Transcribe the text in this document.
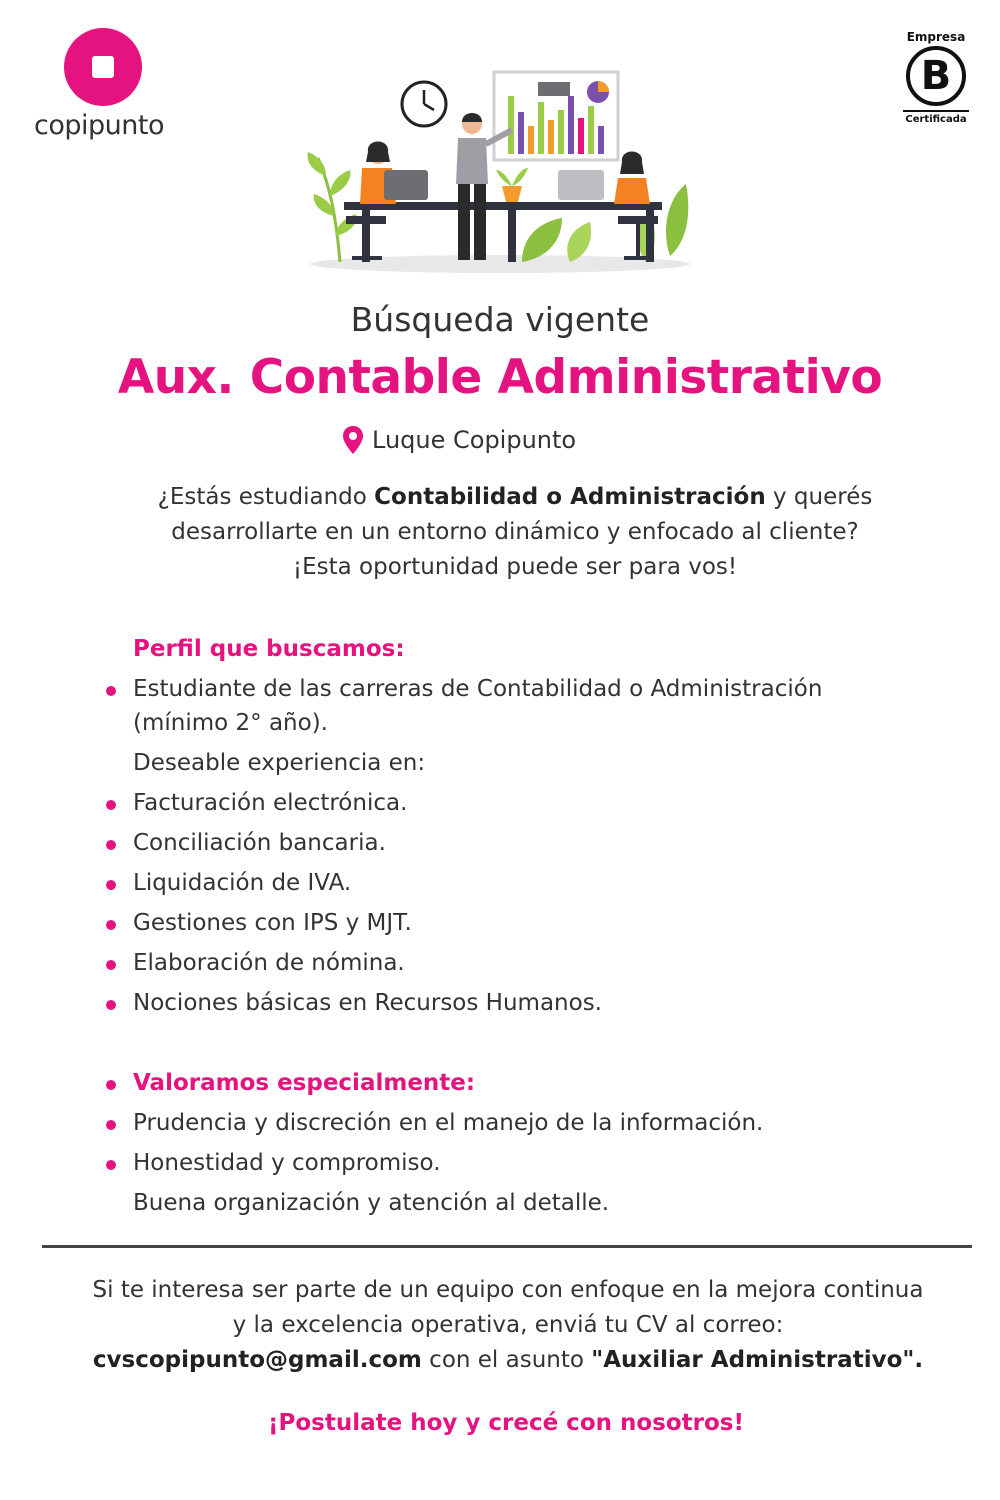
copipunto
Empresa
B
Certificada
Búsqueda vigente
Aux. Contable Administrativo
Luque Copipunto
¿Estás estudiando Contabilidad o Administración y querés
desarrollarte en un entorno dinámico y enfocado al cliente?
¡Esta oportunidad puede ser para vos!
Perfil que buscamos:
Estudiante de las carreras de Contabilidad o Administración
(mínimo 2° año).
Deseable experiencia en:
Facturación electrónica.
Conciliación bancaria.
Liquidación de IVA.
Gestiones con IPS y MJT.
Elaboración de nómina.
Nociones básicas en Recursos Humanos.
Valoramos especialmente:
Prudencia y discreción en el manejo de la información.
Honestidad y compromiso.
Buena organización y atención al detalle.
Si te interesa ser parte de un equipo con enfoque en la mejora continua
y la excelencia operativa, enviá tu CV al correo:
cvscopipunto@gmail.com con el asunto "Auxiliar Administrativo".
¡Postulate hoy y crecé con nosotros!
